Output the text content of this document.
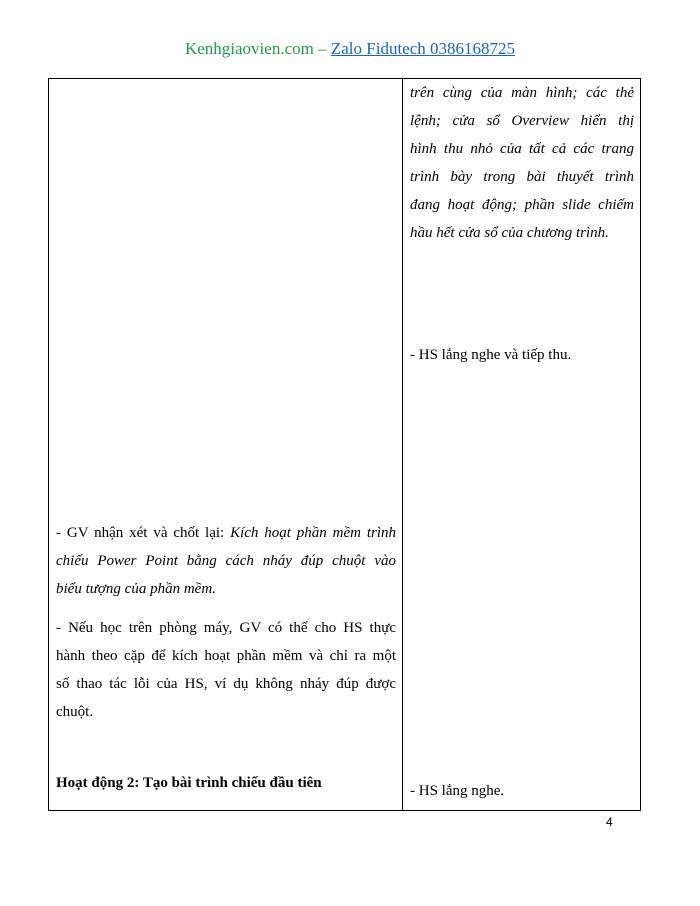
Kenhgiaovien.com – Zalo Fidutech 0386168725
trên cùng của màn hình; các thẻ
lệnh; cửa sổ Overview hiển thị
hình thu nhỏ của tất cả các trang
trình bày trong bài thuyết trình
đang hoạt động; phần slide chiếm
hầu hết cửa sổ của chương trình.
- HS lắng nghe và tiếp thu.
- GV nhận xét và chốt lại: Kích hoạt phần mềm trình
chiếu Power Point bằng cách nháy đúp chuột vào
biểu tượng của phần mềm.
- Nếu học trên phòng máy, GV có thể cho HS thực
hành theo cặp để kích hoạt phần mềm và chỉ ra một
số thao tác lỗi của HS, ví dụ không nháy đúp được
chuột.
Hoạt động 2: Tạo bài trình chiếu đầu tiên	- HS lắng nghe.
4
